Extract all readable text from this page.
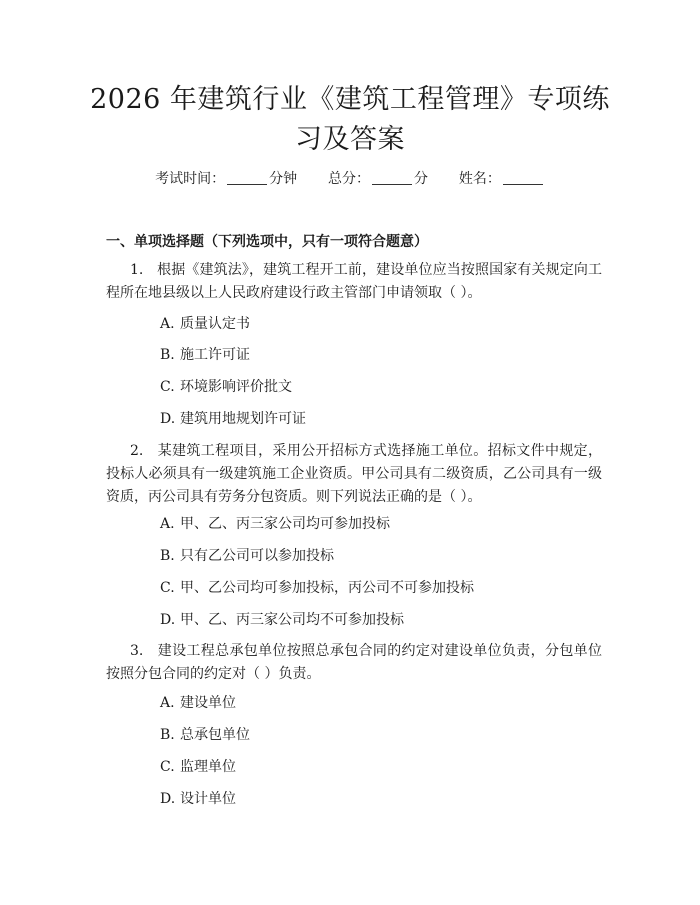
2026 年建筑行业《建筑工程管理》专项练习及答案
考试时间：	分钟 总分：	分 姓名：
一、单项选择题（下列选项中，只有一项符合题意）
1. 根据《建筑法》，建筑工程开工前，建设单位应当按照国家有关规定向工程所在地县级以上人民政府建设行政主管部门申请领取（ ）。
A. 质量认定书
B. 施工许可证
C. 环境影响评价批文
D. 建筑用地规划许可证
2. 某建筑工程项目，采用公开招标方式选择施工单位。招标文件中规定，投标人必须具有一级建筑施工企业资质。甲公司具有二级资质，乙公司具有一级资质，丙公司具有劳务分包资质。则下列说法正确的是（ ）。
A. 甲、乙、丙三家公司均可参加投标
B. 只有乙公司可以参加投标
C. 甲、乙公司均可参加投标，丙公司不可参加投标
D. 甲、乙、丙三家公司均不可参加投标
3. 建设工程总承包单位按照总承包合同的约定对建设单位负责，分包单位按照分包合同的约定对（ ）负责。
A. 建设单位
B. 总承包单位
C. 监理单位
D. 设计单位
